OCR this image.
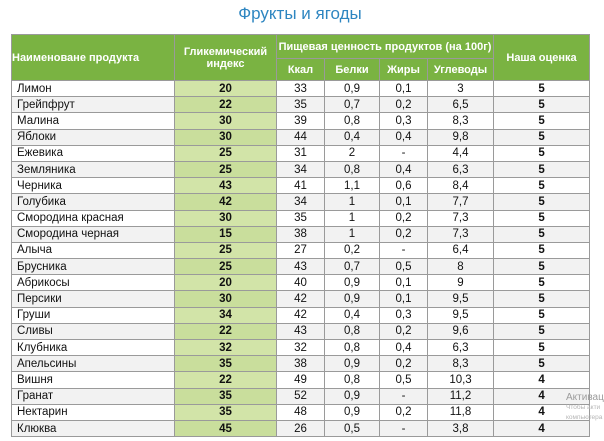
Фрукты и ягоды
Наименоване продукта	Гликемический индекс	Пищевая ценность продуктов (на 100г)				Наша оценка
		Ккал	Белки	Жиры	Углеводы	
Лимон	20	33	0,9	0,1	3	5
Грейпфрут	22	35	0,7	0,2	6,5	5
Малина	30	39	0,8	0,3	8,3	5
Яблоки	30	44	0,4	0,4	9,8	5
Ежевика	25	31	2	-	4,4	5
Земляника	25	34	0,8	0,4	6,3	5
Черника	43	41	1,1	0,6	8,4	5
Голубика	42	34	1	0,1	7,7	5
Смородина красная	30	35	1	0,2	7,3	5
Смородина черная	15	38	1	0,2	7,3	5
Алыча	25	27	0,2	-	6,4	5
Брусника	25	43	0,7	0,5	8	5
Абрикосы	20	40	0,9	0,1	9	5
Персики	30	42	0,9	0,1	9,5	5
Груши	34	42	0,4	0,3	9,5	5
Сливы	22	43	0,8	0,2	9,6	5
Клубника	32	32	0,8	0,4	6,3	5
Апельсины	35	38	0,9	0,2	8,3	5
Вишня	22	49	0,8	0,5	10,3	4
Гранат	35	52	0,9	-	11,2	4
Нектарин	35	48	0,9	0,2	11,8	4
Клюква	45	26	0,5	-	3,8	4
Активац
Чтобы акти
компьютера
